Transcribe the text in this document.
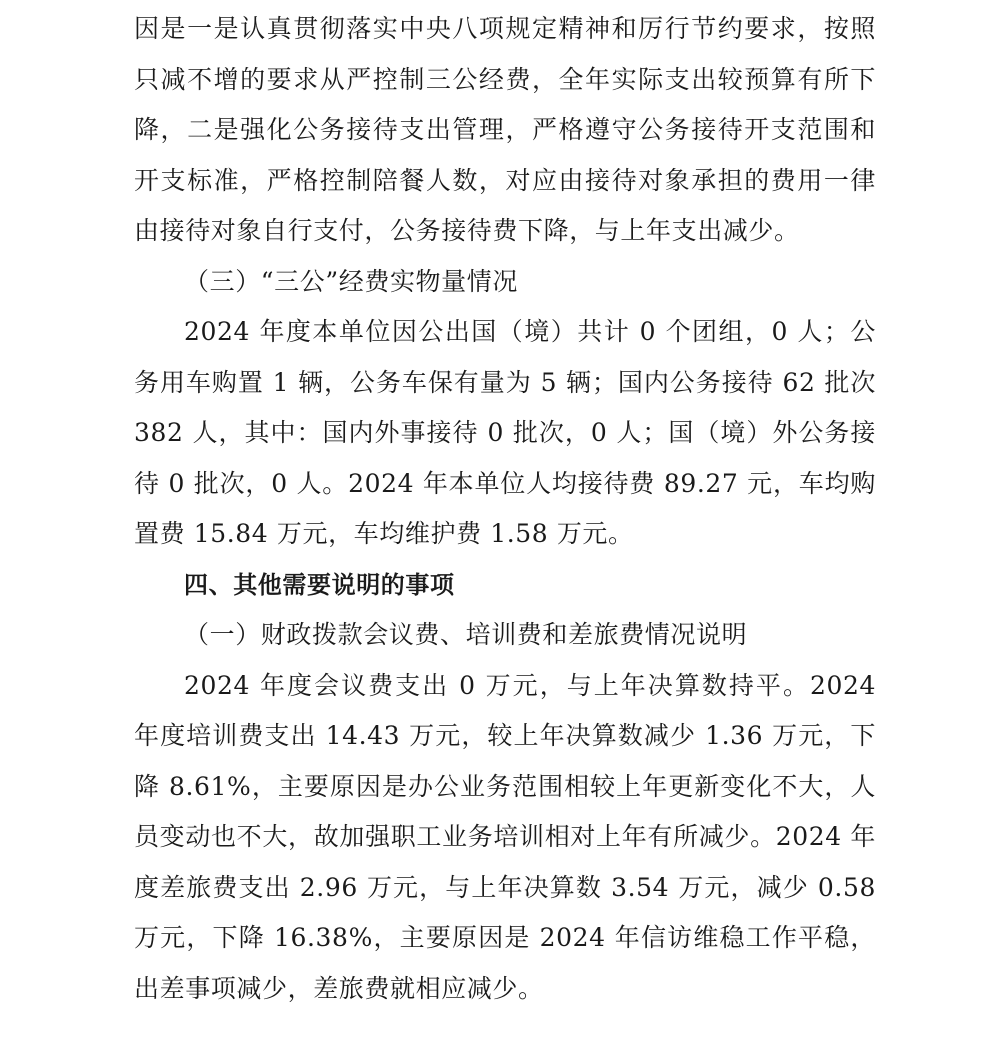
因是一是认真贯彻落实中央八项规定精神和厉行节约要求，按照只减不增的要求从严控制三公经费，全年实际支出较预算有所下降，二是强化公务接待支出管理，严格遵守公务接待开支范围和开支标准，严格控制陪餐人数，对应由接待对象承担的费用一律由接待对象自行支付，公务接待费下降，与上年支出减少。

（三）“三公”经费实物量情况

2024 年度本单位因公出国（境）共计 0 个团组，0 人；公务用车购置 1 辆，公务车保有量为 5 辆；国内公务接待 62 批次 382 人，其中：国内外事接待 0 批次，0 人；国（境）外公务接待 0 批次，0 人。2024 年本单位人均接待费 89.27 元，车均购置费 15.84 万元，车均维护费 1.58 万元。

四、其他需要说明的事项

（一）财政拨款会议费、培训费和差旅费情况说明

2024 年度会议费支出 0 万元，与上年决算数持平。2024 年度培训费支出 14.43 万元，较上年决算数减少 1.36 万元，下降 8.61%，主要原因是办公业务范围相较上年更新变化不大，人员变动也不大，故加强职工业务培训相对上年有所减少。2024 年度差旅费支出 2.96 万元，与上年决算数 3.54 万元，减少 0.58 万元，下降 16.38%，主要原因是 2024 年信访维稳工作平稳，出差事项减少，差旅费就相应减少。
